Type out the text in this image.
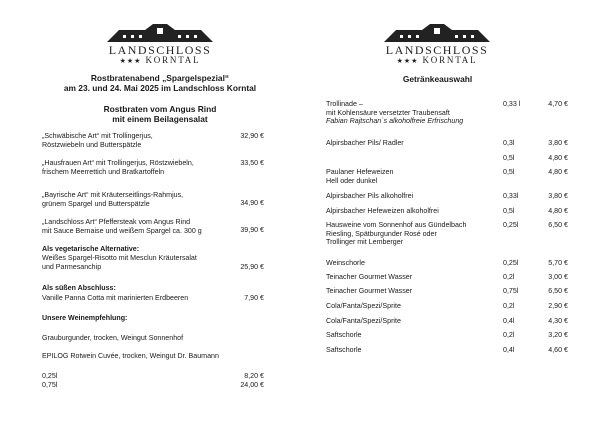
LANDSCHLOSS
★★★ KORNTAL
Rostbratenabend „Spargelspezial“
am 23. und 24. Mai 2025 im Landschloss Korntal
Rostbraten vom Angus Rind
mit einem Beilagensalat
„Schwäbische Art“ mit Trollingerjus,
Röstzwiebeln und Butterspätzle
32,90 €
„Hausfrauen Art“ mit Trollingerjus, Röstzwiebeln,
frischem Meerrettich und Bratkartoffeln
33,50 €
„Bayrische Art“ mit Kräuterseitlings-Rahmjus,
grünem Spargel und Butterspätzle	34,90 €
„Landschloss Art“ Pfeffersteak vom Angus Rind
mit Sauce Bernaise und weißem Spargel ca. 300 g	39,90 €
Als vegetarische Alternative:
Weißes Spargel-Risotto mit Mesclun Kräutersalat
und Parmesanchip	25,90 €
Als süßen Abschluss:
Vanille Panna Cotta mit marinierten Erdbeeren	7,90 €
Unsere Weinempfehlung:
Grauburgunder, trocken, Weingut Sonnenhof
EPILOG Rotwein Cuvée, trocken, Weingut Dr. Baumann
0,25l	8,20 €
0,75l	24,00 €
LANDSCHLOSS
★★★ KORNTAL
Getränkeauswahl
Trollinade –
mit Kohlensäure versetzter Traubensaft
Fabian Rajtschan´s alkoholfreie Erfrischung
0,33 l	4,70 €
Alpirsbacher Pils/ Radler	0,3l	3,80 €
0,5l	4,80 €
Paulaner Hefeweizen
Hell oder dunkel
0,5l	4,80 €
Alpirsbacher Pils alkoholfrei	0,33l	3,80 €
Alpirsbacher Hefeweizen alkoholfrei	0,5l	4,80 €
Hausweine vom Sonnenhof aus Gündelbach
Riesling, Spätburgunder Rosé oder
Trollinger mit Lemberger
0,25l	6,50 €
Weinschorle	0,25l	5,70 €
Teinacher Gourmet Wasser	0,2l	3,00 €
Teinacher Gourmet Wasser	0,75l	6,50 €
Cola/Fanta/Spezi/Sprite	0,2l	2,90 €
Cola/Fanta/Spezi/Sprite	0,4l	4,30 €
Saftschorle	0,2l	3,20 €
Saftschorle	0,4l	4,60 €
